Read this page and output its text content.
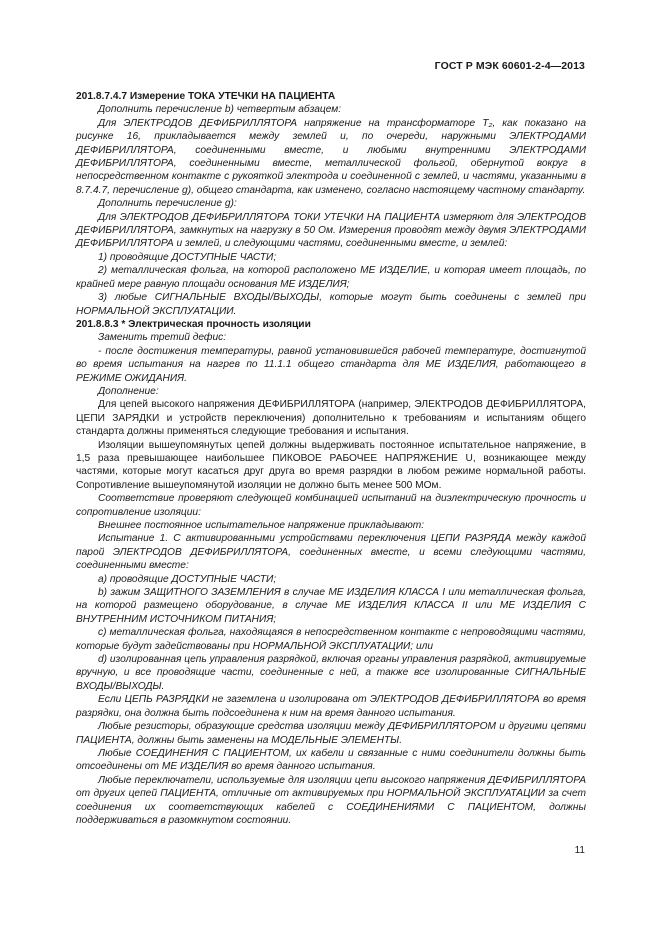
ГОСТ Р МЭК 60601-2-4—2013

201.8.7.4.7 Измерение ТОКА УТЕЧКИ НА ПАЦИЕНТА

Дополнить перечисление b) четвертым абзацем:

Для ЭЛЕКТРОДОВ ДЕФИБРИЛЛЯТОРА напряжение на трансформаторе T₂, как показано на рисунке 16, прикладывается между землей и, по очереди, наружными ЭЛЕКТРОДАМИ ДЕФИБРИЛЛЯТОРА, соединенными вместе, и любыми внутренними ЭЛЕКТРОДАМИ ДЕФИБРИЛЛЯТОРА, соединенными вместе, металлической фольгой, обернутой вокруг в непосредственном контакте с рукояткой электрода и соединенной с землей, и частями, указанными в 8.7.4.7, перечисление g), общего стандарта, как изменено, согласно настоящему частному стандарту.

Дополнить перечисление g):

Для ЭЛЕКТРОДОВ ДЕФИБРИЛЛЯТОРА ТОКИ УТЕЧКИ НА ПАЦИЕНТА измеряют для ЭЛЕКТРОДОВ ДЕФИБРИЛЛЯТОРА, замкнутых на нагрузку в 50 Ом. Измерения проводят между двумя ЭЛЕКТРОДАМИ ДЕФИБРИЛЛЯТОРА и землей, и следующими частями, соединенными вместе, и землей:

1) проводящие ДОСТУПНЫЕ ЧАСТИ;

2) металлическая фольга, на которой расположено МЕ ИЗДЕЛИЕ, и которая имеет площадь, по крайней мере равную площади основания МЕ ИЗДЕЛИЯ;

3) любые СИГНАЛЬНЫЕ ВХОДЫ/ВЫХОДЫ, которые могут быть соединены с землей при НОРМАЛЬНОЙ ЭКСПЛУАТАЦИИ.

201.8.8.3 * Электрическая прочность изоляции

Заменить третий дефис:

- после достижения температуры, равной установившейся рабочей температуре, достигнутой во время испытания на нагрев по 11.1.1 общего стандарта для МЕ ИЗДЕЛИЯ, работающего в РЕЖИМЕ ОЖИДАНИЯ.

Дополнение:

Для цепей высокого напряжения ДЕФИБРИЛЛЯТОРА (например, ЭЛЕКТРОДОВ ДЕФИБРИЛЛЯТОРА, ЦЕПИ ЗАРЯДКИ и устройств переключения) дополнительно к требованиям и испытаниям общего стандарта должны применяться следующие требования и испытания.

Изоляции вышеупомянутых цепей должны выдерживать постоянное испытательное напряжение, в 1,5 раза превышающее наибольшее ПИКОВОЕ РАБОЧЕЕ НАПРЯЖЕНИЕ U, возникающее между частями, которые могут касаться друг друга во время разрядки в любом режиме нормальной работы. Сопротивление вышеупомянутой изоляции не должно быть менее 500 МОм.

Соответствие проверяют следующей комбинацией испытаний на диэлектрическую прочность и сопротивление изоляции:

Внешнее постоянное испытательное напряжение прикладывают:

Испытание 1. С активированными устройствами переключения ЦЕПИ РАЗРЯДА между каждой парой ЭЛЕКТРОДОВ ДЕФИБРИЛЛЯТОРА, соединенных вместе, и всеми следующими частями, соединенными вместе:

а) проводящие ДОСТУПНЫЕ ЧАСТИ;

b) зажим ЗАЩИТНОГО ЗАЗЕМЛЕНИЯ в случае МЕ ИЗДЕЛИЯ КЛАССА I или металлическая фольга, на которой размещено оборудование, в случае МЕ ИЗДЕЛИЯ КЛАССА II или МЕ ИЗДЕЛИЯ С ВНУТРЕННИМ ИСТОЧНИКОМ ПИТАНИЯ;

с) металлическая фольга, находящаяся в непосредственном контакте с непроводящими частями, которые будут задействованы при НОРМАЛЬНОЙ ЭКСПЛУАТАЦИИ; или

d) изолированная цепь управления разрядкой, включая органы управления разрядкой, активируемые вручную, и все проводящие части, соединенные с ней, а также все изолированные СИГНАЛЬНЫЕ ВХОДЫ/ВЫХОДЫ.

Если ЦЕПЬ РАЗРЯДКИ не заземлена и изолирована от ЭЛЕКТРОДОВ ДЕФИБРИЛЛЯТОРА во время разрядки, она должна быть подсоединена к ним на время данного испытания.

Любые резисторы, образующие средства изоляции между ДЕФИБРИЛЛЯТОРОМ и другими цепями ПАЦИЕНТА, должны быть заменены на МОДЕЛЬНЫЕ ЭЛЕМЕНТЫ.

Любые СОЕДИНЕНИЯ С ПАЦИЕНТОМ, их кабели и связанные с ними соединители должны быть отсоединены от МЕ ИЗДЕЛИЯ во время данного испытания.

Любые переключатели, используемые для изоляции цепи высокого напряжения ДЕФИБРИЛЛЯТОРА от других цепей ПАЦИЕНТА, отличные от активируемых при НОРМАЛЬНОЙ ЭКСПЛУАТАЦИИ за счет соединения их соответствующих кабелей с СОЕДИНЕНИЯМИ С ПАЦИЕНТОМ, должны поддерживаться в разомкнутом состоянии.

11
